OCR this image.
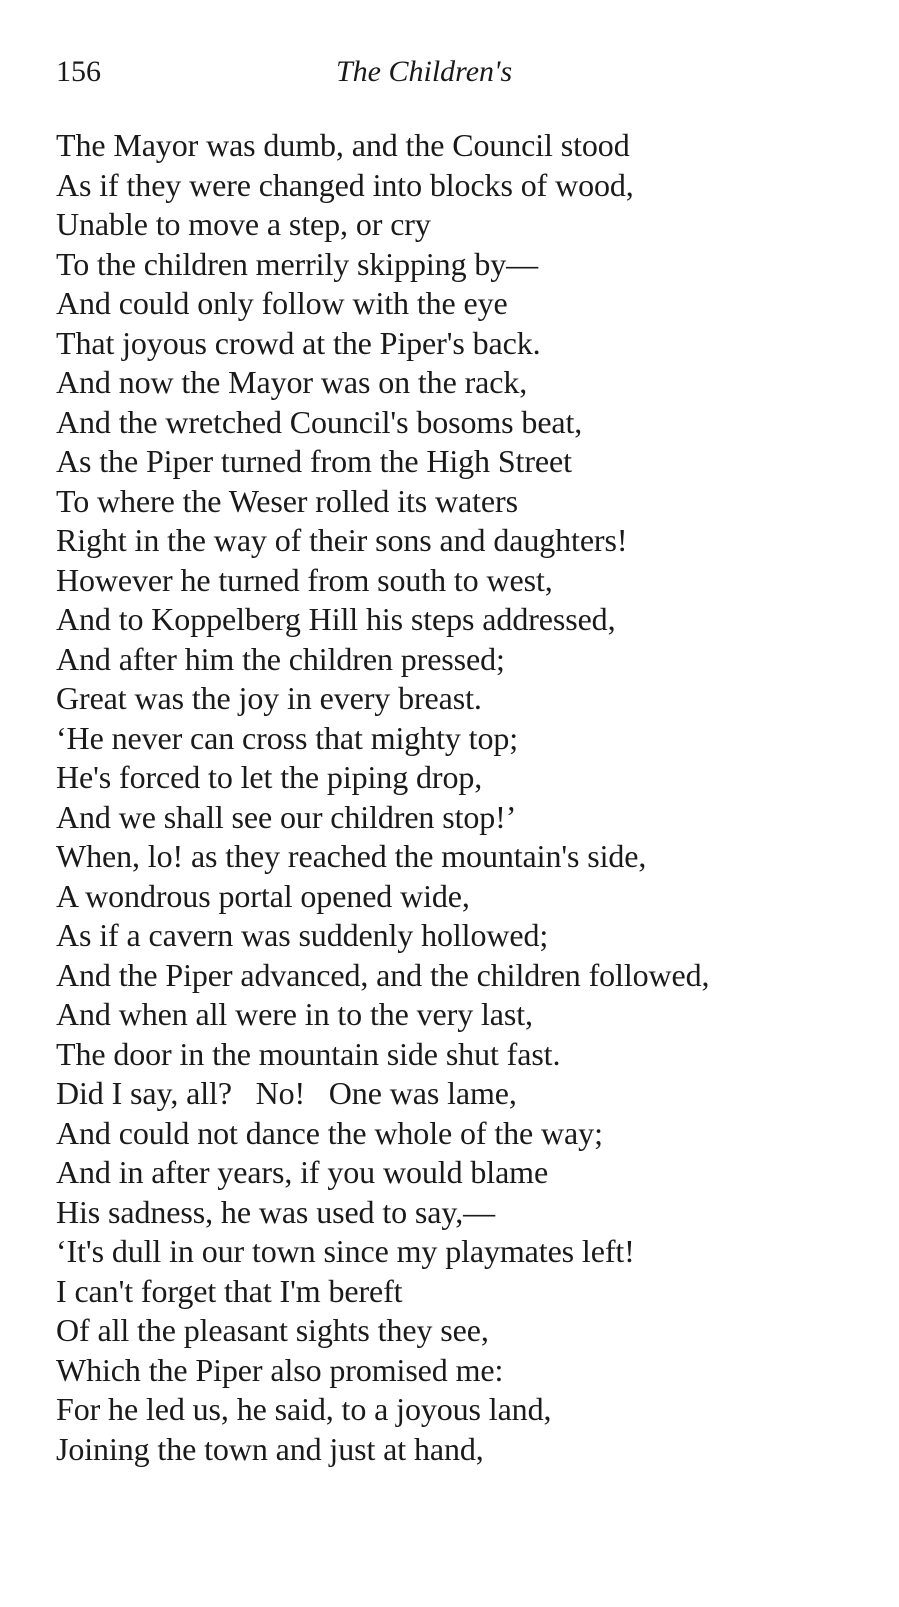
156	The Children's
The Mayor was dumb, and the Council stood
As if they were changed into blocks of wood,
Unable to move a step, or cry
To the children merrily skipping by—
And could only follow with the eye
That joyous crowd at the Piper's back.
And now the Mayor was on the rack,
And the wretched Council's bosoms beat,
As the Piper turned from the High Street
To where the Weser rolled its waters
Right in the way of their sons and daughters!
However he turned from south to west,
And to Koppelberg Hill his steps addressed,
And after him the children pressed;
Great was the joy in every breast.
‘He never can cross that mighty top;
He's forced to let the piping drop,
And we shall see our children stop!’
When, lo! as they reached the mountain's side,
A wondrous portal opened wide,
As if a cavern was suddenly hollowed;
And the Piper advanced, and the children followed,
And when all were in to the very last,
The door in the mountain side shut fast.
Did I say, all?   No!   One was lame,
And could not dance the whole of the way;
And in after years, if you would blame
His sadness, he was used to say,—
‘It's dull in our town since my playmates left!
I can't forget that I'm bereft
Of all the pleasant sights they see,
Which the Piper also promised me:
For he led us, he said, to a joyous land,
Joining the town and just at hand,
